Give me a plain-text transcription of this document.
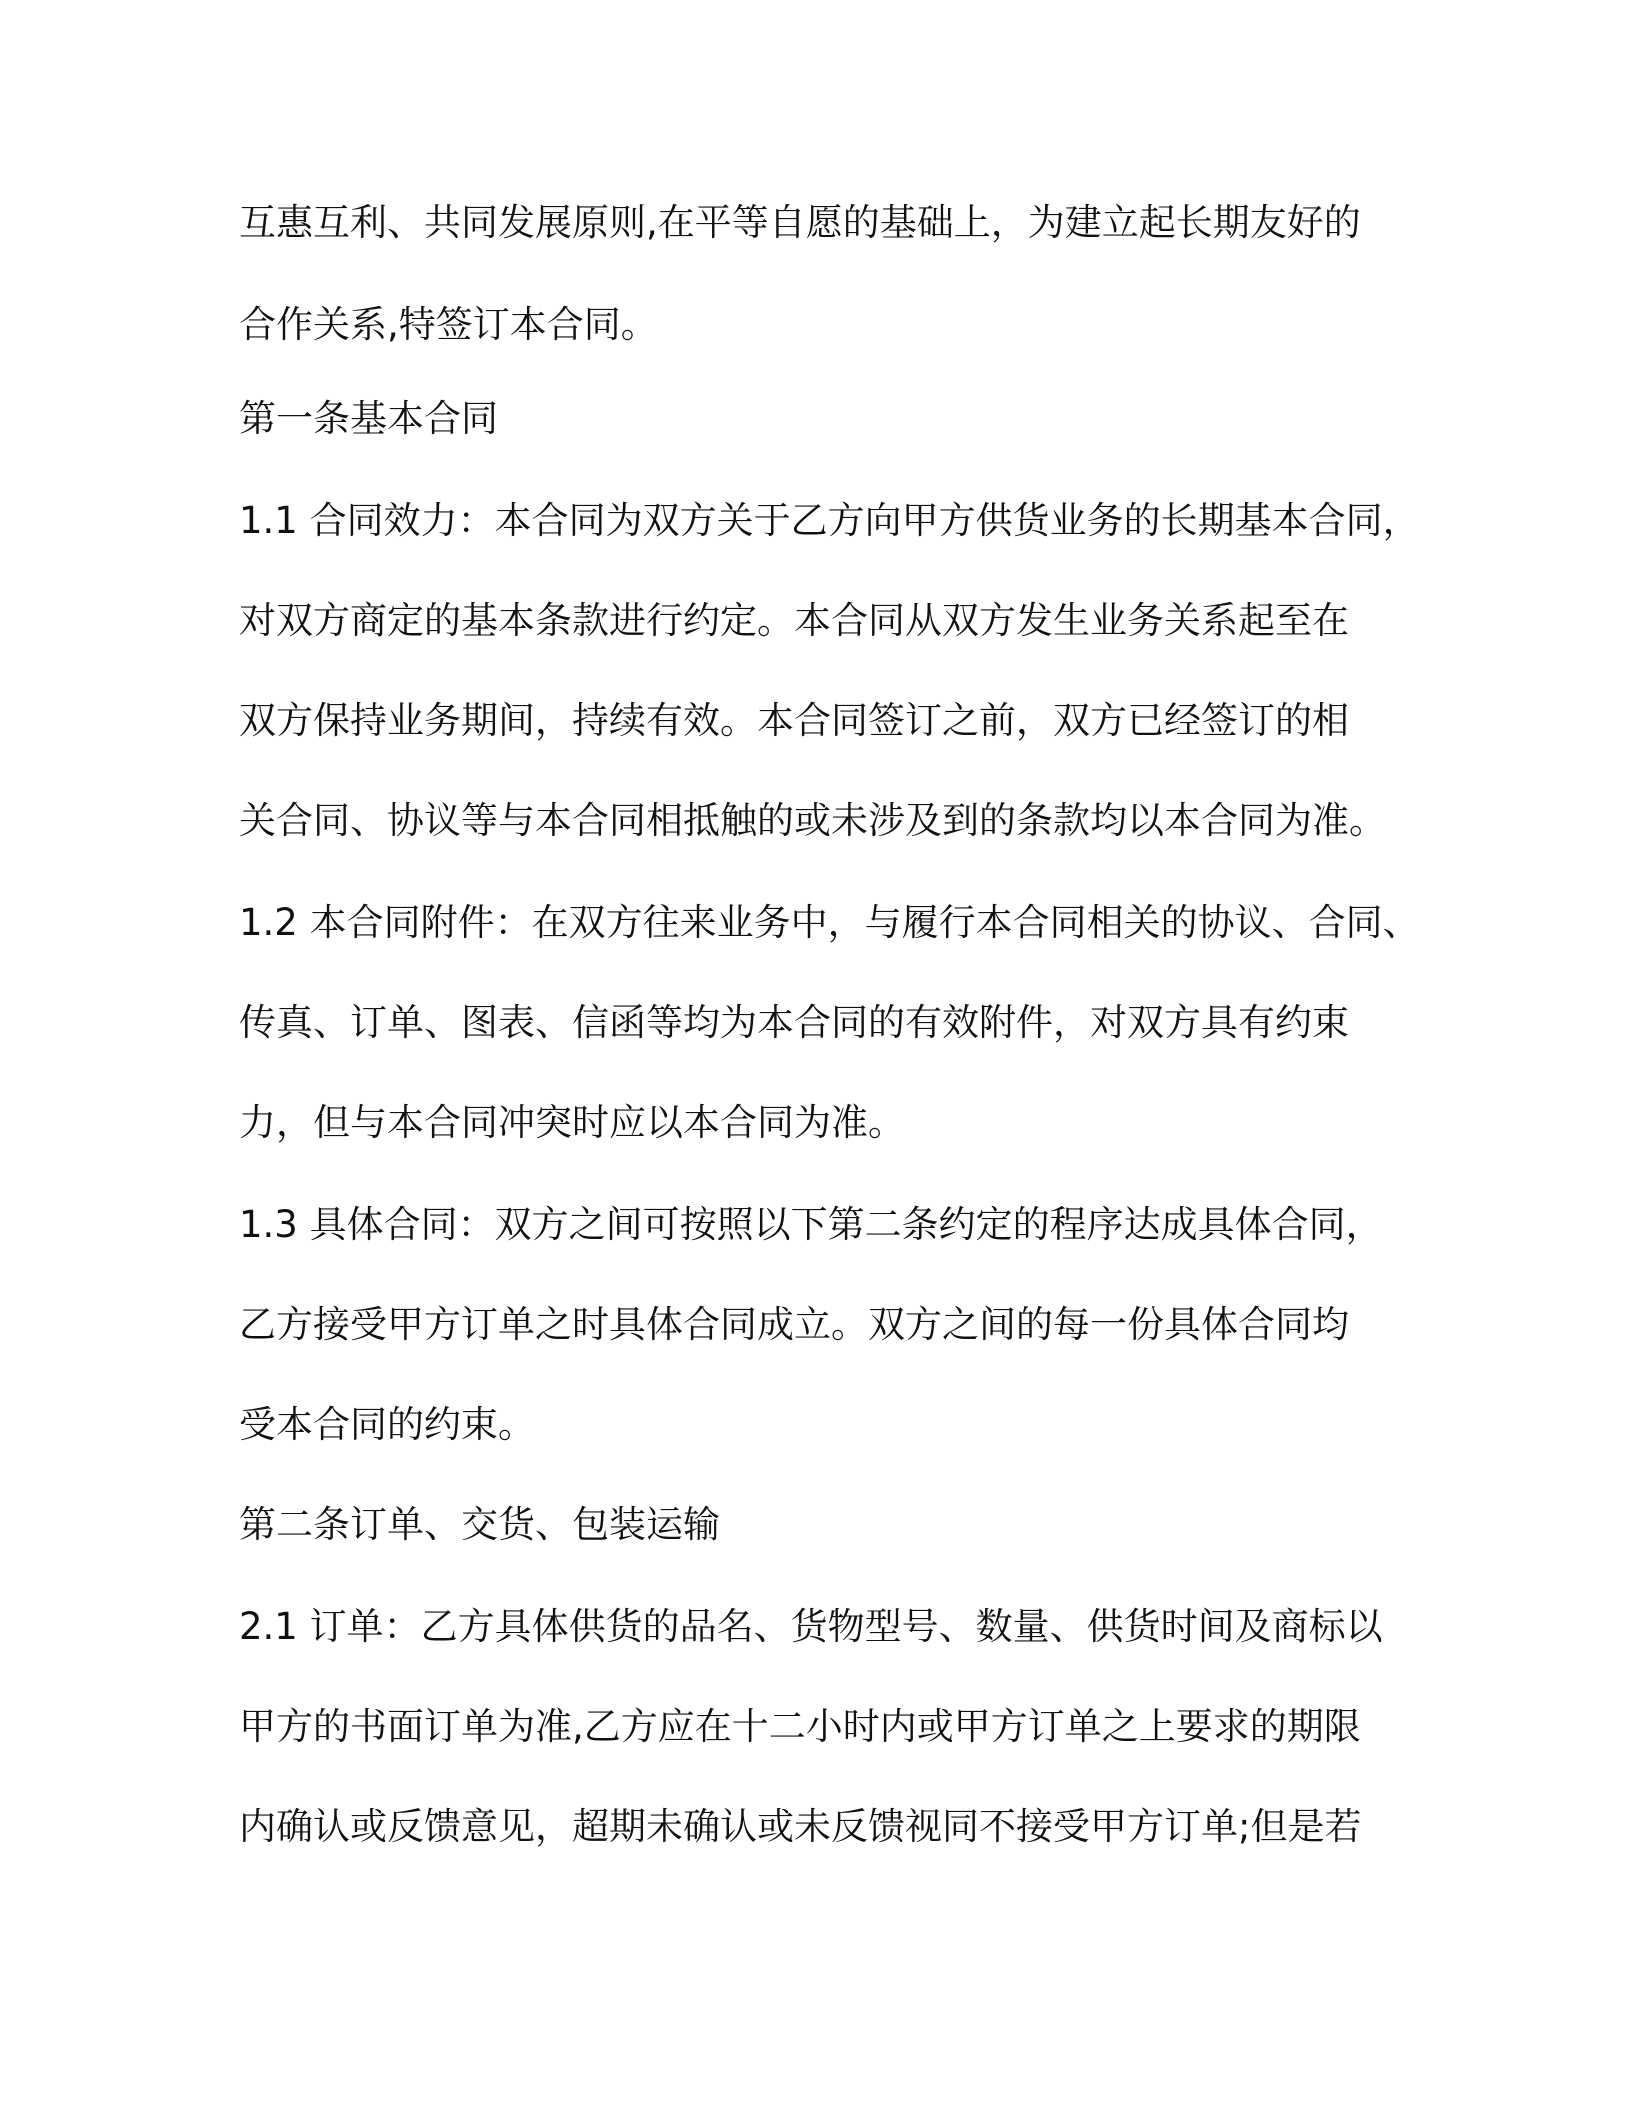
互惠互利、共同发展原则,在平等自愿的基础上，为建立起长期友好的
合作关系,特签订本合同。
第一条基本合同
1.1 合同效力：本合同为双方关于乙方向甲方供货业务的长期基本合同，
对双方商定的基本条款进行约定。本合同从双方发生业务关系起至在
双方保持业务期间，持续有效。本合同签订之前，双方已经签订的相
关合同、协议等与本合同相抵触的或未涉及到的条款均以本合同为准。
1.2 本合同附件：在双方往来业务中，与履行本合同相关的协议、合同、
传真、订单、图表、信函等均为本合同的有效附件，对双方具有约束
力，但与本合同冲突时应以本合同为准。
1.3 具体合同：双方之间可按照以下第二条约定的程序达成具体合同，
乙方接受甲方订单之时具体合同成立。双方之间的每一份具体合同均
受本合同的约束。
第二条订单、交货、包装运输
2.1 订单：乙方具体供货的品名、货物型号、数量、供货时间及商标以
甲方的书面订单为准,乙方应在十二小时内或甲方订单之上要求的期限
内确认或反馈意见，超期未确认或未反馈视同不接受甲方订单;但是若
